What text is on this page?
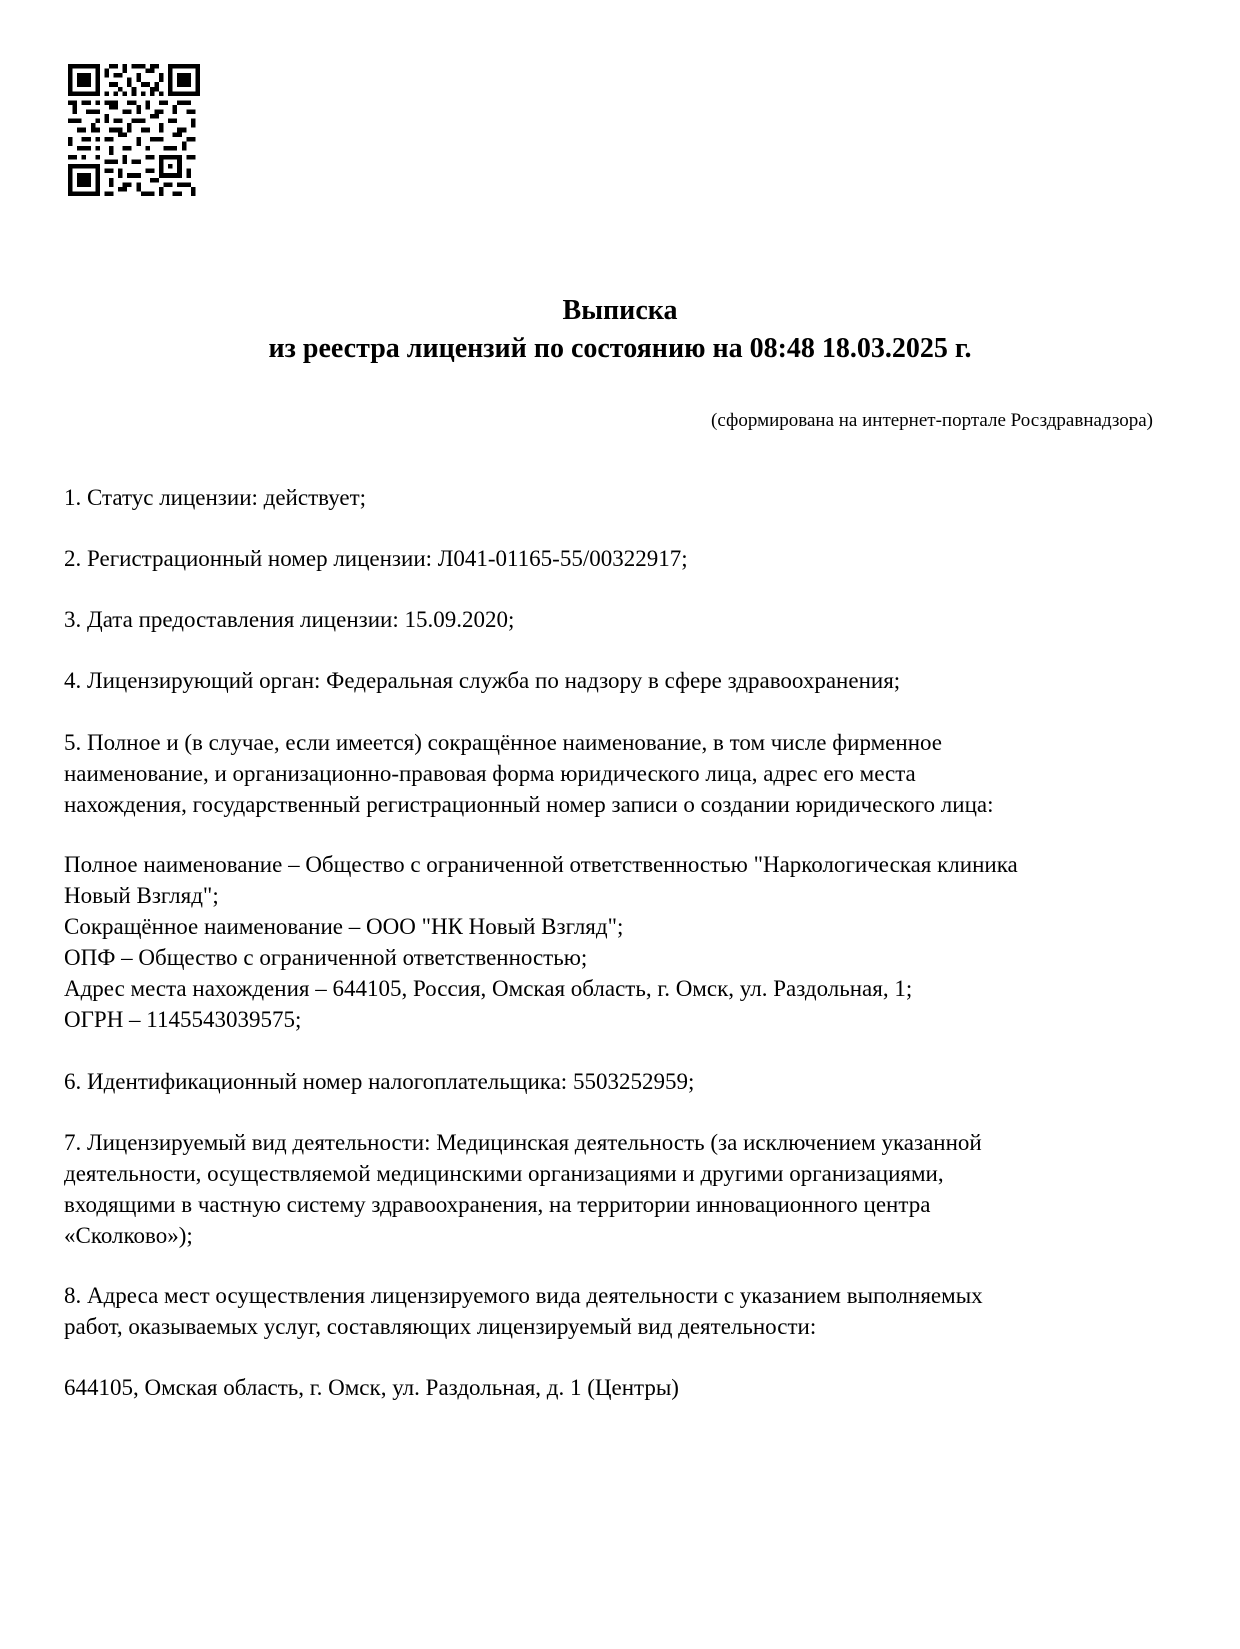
Выписка
из реестра лицензий по состоянию на 08:48 18.03.2025 г.
(сформирована на интернет-портале Росздравнадзора)
1. Статус лицензии: действует;
2. Регистрационный номер лицензии: Л041-01165-55/00322917;
3. Дата предоставления лицензии: 15.09.2020;
4. Лицензирующий орган: Федеральная служба по надзору в сфере здравоохранения;
5. Полное и (в случае, если имеется) сокращённое наименование, в том числе фирменное
наименование, и организационно-правовая форма юридического лица, адрес его места
нахождения, государственный регистрационный номер записи о создании юридического лица:
Полное наименование – Общество с ограниченной ответственностью "Наркологическая клиника
Новый Взгляд";
Сокращённое наименование – ООО "НК Новый Взгляд";
ОПФ – Общество с ограниченной ответственностью;
Адрес места нахождения – 644105, Россия, Омская область, г. Омск, ул. Раздольная, 1;
ОГРН – 1145543039575;
6. Идентификационный номер налогоплательщика: 5503252959;
7. Лицензируемый вид деятельности: Медицинская деятельность (за исключением указанной
деятельности, осуществляемой медицинскими организациями и другими организациями,
входящими в частную систему здравоохранения, на территории инновационного центра
«Сколково»);
8. Адреса мест осуществления лицензируемого вида деятельности с указанием выполняемых
работ, оказываемых услуг, составляющих лицензируемый вид деятельности:
644105, Омская область, г. Омск, ул. Раздольная, д. 1 (Центры)
